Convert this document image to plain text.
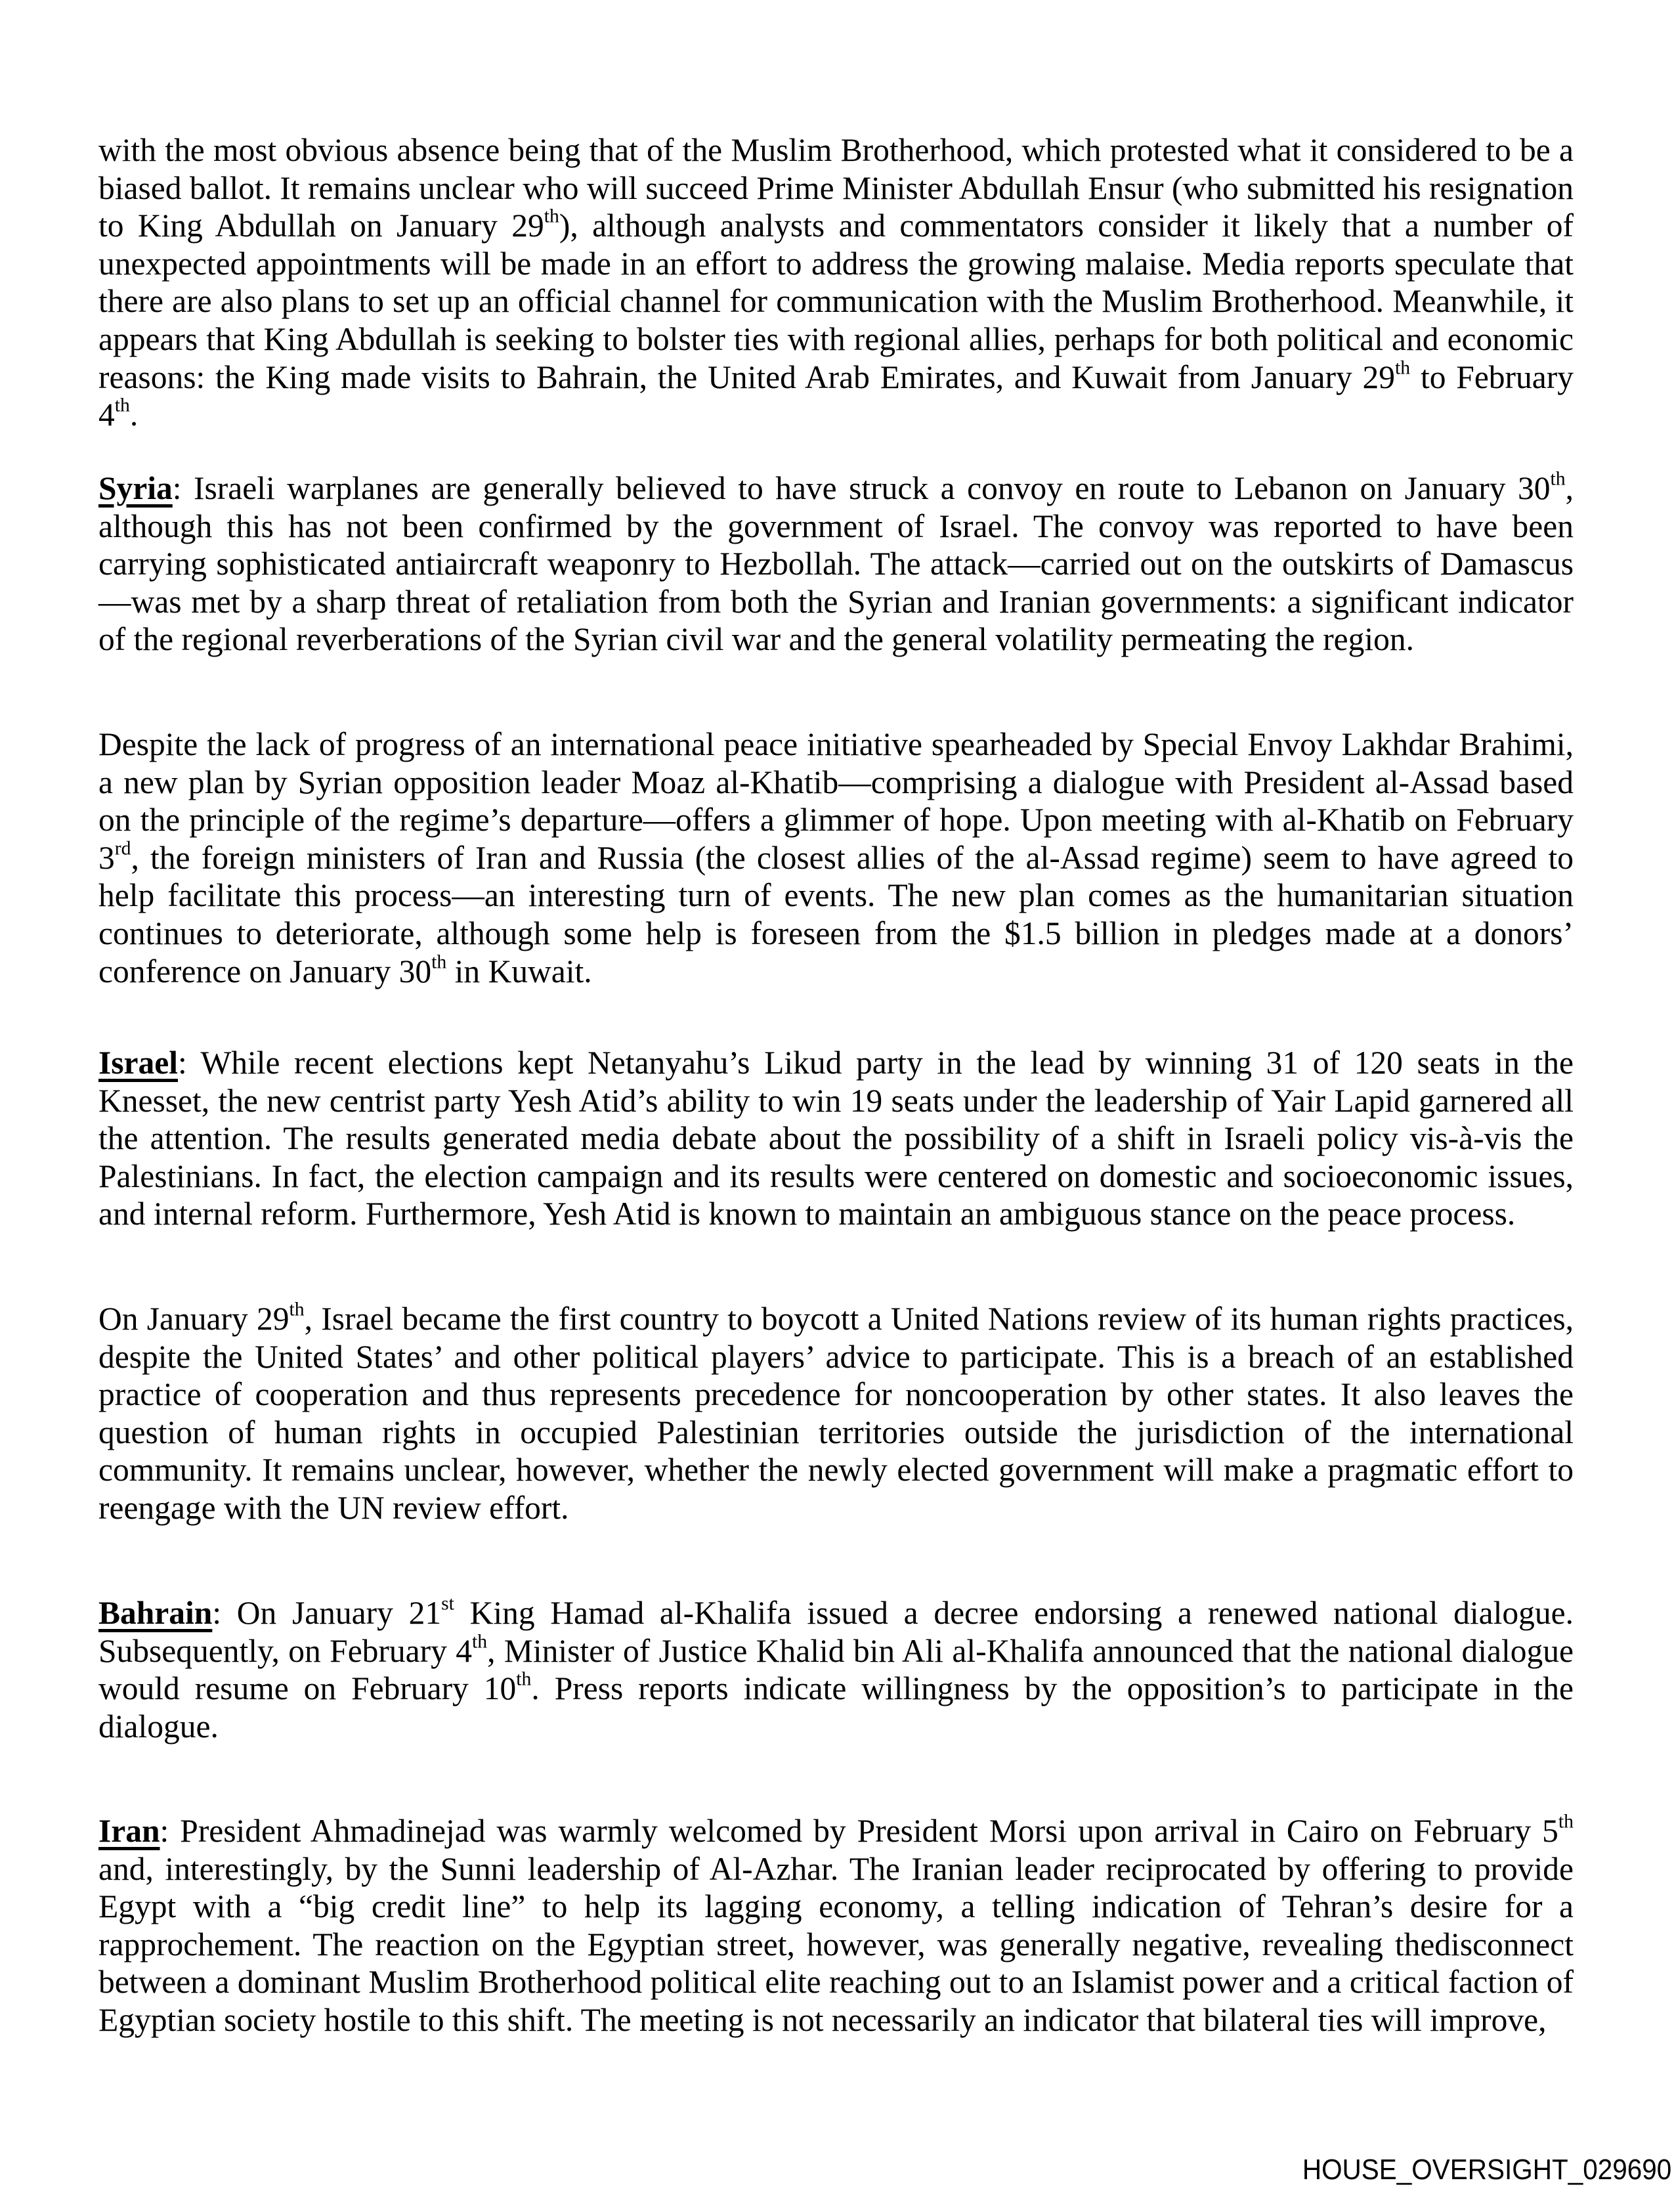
with the most obvious absence being that of the Muslim Brotherhood, which protested what it considered to be a biased ballot. It remains unclear who will succeed Prime Minister Abdullah Ensur (who submitted his resignation to King Abdullah on January 29th), although analysts and commentators consider it likely that a number of unexpected appointments will be made in an effort to address the growing malaise. Media reports speculate that there are also plans to set up an official channel for communication with the Muslim Brotherhood. Meanwhile, it appears that King Abdullah is seeking to bolster ties with regional allies, perhaps for both political and economic reasons: the King made visits to Bahrain, the United Arab Emirates, and Kuwait from January 29th to February 4th.

Syria: Israeli warplanes are generally believed to have struck a convoy en route to Lebanon on January 30th, although this has not been confirmed by the government of Israel. The convoy was reported to have been carrying sophisticated antiaircraft weaponry to Hezbollah. The attack—carried out on the outskirts of Damascus—was met by a sharp threat of retaliation from both the Syrian and Iranian governments: a significant indicator of the regional reverberations of the Syrian civil war and the general volatility permeating the region.

Despite the lack of progress of an international peace initiative spearheaded by Special Envoy Lakhdar Brahimi, a new plan by Syrian opposition leader Moaz al-Khatib—comprising a dialogue with President al-Assad based on the principle of the regime’s departure—offers a glimmer of hope. Upon meeting with al-Khatib on February 3rd, the foreign ministers of Iran and Russia (the closest allies of the al-Assad regime) seem to have agreed to help facilitate this process—an interesting turn of events. The new plan comes as the humanitarian situation continues to deteriorate, although some help is foreseen from the $1.5 billion in pledges made at a donors’ conference on January 30th in Kuwait.

Israel: While recent elections kept Netanyahu’s Likud party in the lead by winning 31 of 120 seats in the Knesset, the new centrist party Yesh Atid’s ability to win 19 seats under the leadership of Yair Lapid garnered all the attention. The results generated media debate about the possibility of a shift in Israeli policy vis-à-vis the Palestinians. In fact, the election campaign and its results were centered on domestic and socioeconomic issues, and internal reform. Furthermore, Yesh Atid is known to maintain an ambiguous stance on the peace process.

On January 29th, Israel became the first country to boycott a United Nations review of its human rights practices, despite the United States’ and other political players’ advice to participate. This is a breach of an established practice of cooperation and thus represents precedence for noncooperation by other states. It also leaves the question of human rights in occupied Palestinian territories outside the jurisdiction of the international community. It remains unclear, however, whether the newly elected government will make a pragmatic effort to reengage with the UN review effort.

Bahrain: On January 21st King Hamad al-Khalifa issued a decree endorsing a renewed national dialogue. Subsequently, on February 4th, Minister of Justice Khalid bin Ali al-Khalifa announced that the national dialogue would resume on February 10th. Press reports indicate willingness by the opposition’s to participate in the dialogue.

Iran: President Ahmadinejad was warmly welcomed by President Morsi upon arrival in Cairo on February 5th and, interestingly, by the Sunni leadership of Al-Azhar. The Iranian leader reciprocated by offering to provide Egypt with a “big credit line” to help its lagging economy, a telling indication of Tehran’s desire for a rapprochement. The reaction on the Egyptian street, however, was generally negative, revealing thedisconnect between a dominant Muslim Brotherhood political elite reaching out to an Islamist power and a critical faction of Egyptian society hostile to this shift. The meeting is not necessarily an indicator that bilateral ties will improve,

HOUSE_OVERSIGHT_029690
